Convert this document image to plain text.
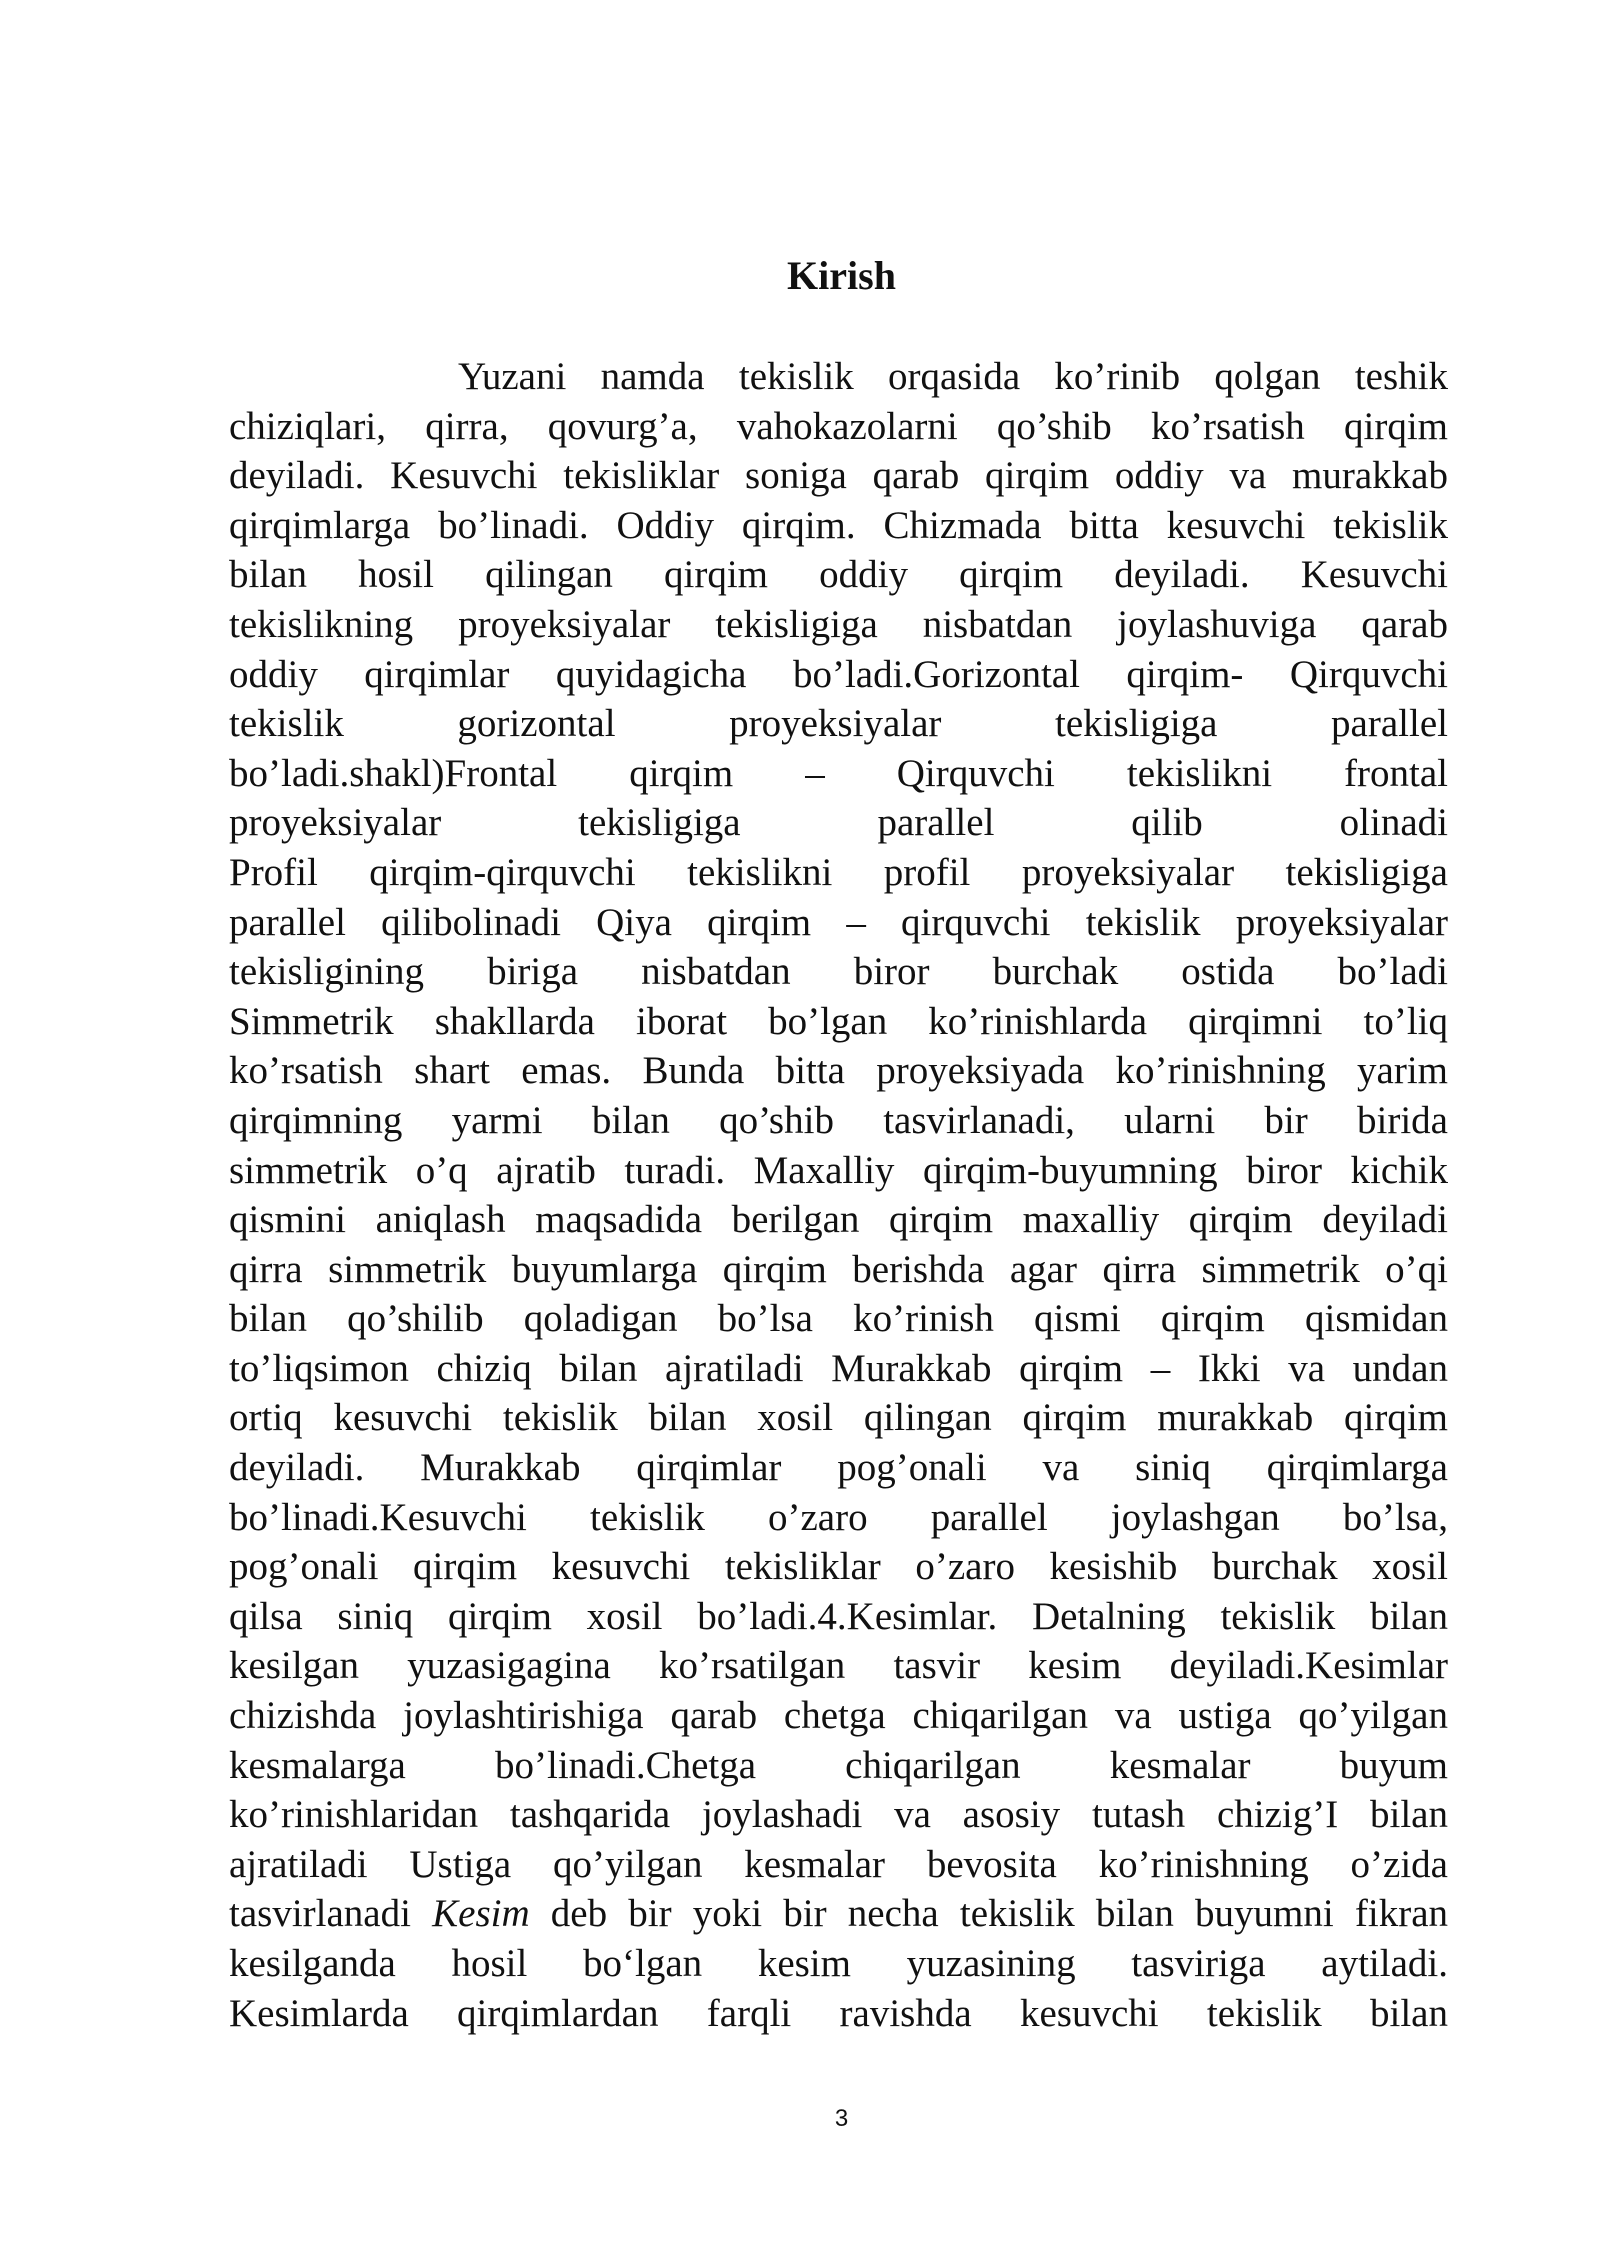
Kirish

Yuzani namda tekislik orqasida ko’rinib qolgan teshik
chiziqlari, qirra, qovurg’a, vahokazolarni qo’shib ko’rsatish qirqim
deyiladi. Kesuvchi tekisliklar soniga qarab qirqim oddiy va murakkab
qirqimlarga bo’linadi. Oddiy qirqim. Chizmada bitta kesuvchi tekislik
bilan hosil qilingan qirqim oddiy qirqim deyiladi. Kesuvchi
tekislikning proyeksiyalar tekisligiga nisbatdan joylashuviga qarab
oddiy qirqimlar quyidagicha bo’ladi.Gorizontal qirqim- Qirquvchi
tekislik gorizontal proyeksiyalar tekisligiga parallel
bo’ladi.shakl)Frontal qirqim – Qirquvchi tekislikni frontal
proyeksiyalar tekisligiga parallel qilib olinadi
Profil qirqim-qirquvchi tekislikni profil proyeksiyalar tekisligiga
parallel qilibolinadi Qiya qirqim – qirquvchi tekislik proyeksiyalar
tekisligining biriga nisbatdan biror burchak ostida bo’ladi
Simmetrik shakllarda iborat bo’lgan ko’rinishlarda qirqimni to’liq
ko’rsatish shart emas. Bunda bitta proyeksiyada ko’rinishning yarim
qirqimning yarmi bilan qo’shib tasvirlanadi, ularni bir birida
simmetrik o’q ajratib turadi. Maxalliy qirqim-buyumning biror kichik
qismini aniqlash maqsadida berilgan qirqim maxalliy qirqim deyiladi
qirra simmetrik buyumlarga qirqim berishda agar qirra simmetrik o’qi
bilan qo’shilib qoladigan bo’lsa ko’rinish qismi qirqim qismidan
to’liqsimon chiziq bilan ajratiladi Murakkab qirqim – Ikki va undan
ortiq kesuvchi tekislik bilan xosil qilingan qirqim murakkab qirqim
deyiladi. Murakkab qirqimlar pog’onali va siniq qirqimlarga
bo’linadi.Kesuvchi tekislik o’zaro parallel joylashgan bo’lsa,
pog’onali qirqim kesuvchi tekisliklar o’zaro kesishib burchak xosil
qilsa siniq qirqim xosil bo’ladi.4.Kesimlar. Detalning tekislik bilan
kesilgan yuzasigagina ko’rsatilgan tasvir kesim deyiladi.Kesimlar
chizishda joylashtirishiga qarab chetga chiqarilgan va ustiga qo’yilgan
kesmalarga bo’linadi.Chetga chiqarilgan kesmalar buyum
ko’rinishlaridan tashqarida joylashadi va asosiy tutash chizig’I bilan
ajratiladi Ustiga qo’yilgan kesmalar bevosita ko’rinishning o’zida
tasvirlanadi Kesim deb bir yoki bir necha tekislik bilan buyumni fikran
kesilganda hosil bo‘lgan kesim yuzasining tasviriga aytiladi.
Kesimlarda qirqimlardan farqli ravishda kesuvchi tekislik bilan

3
